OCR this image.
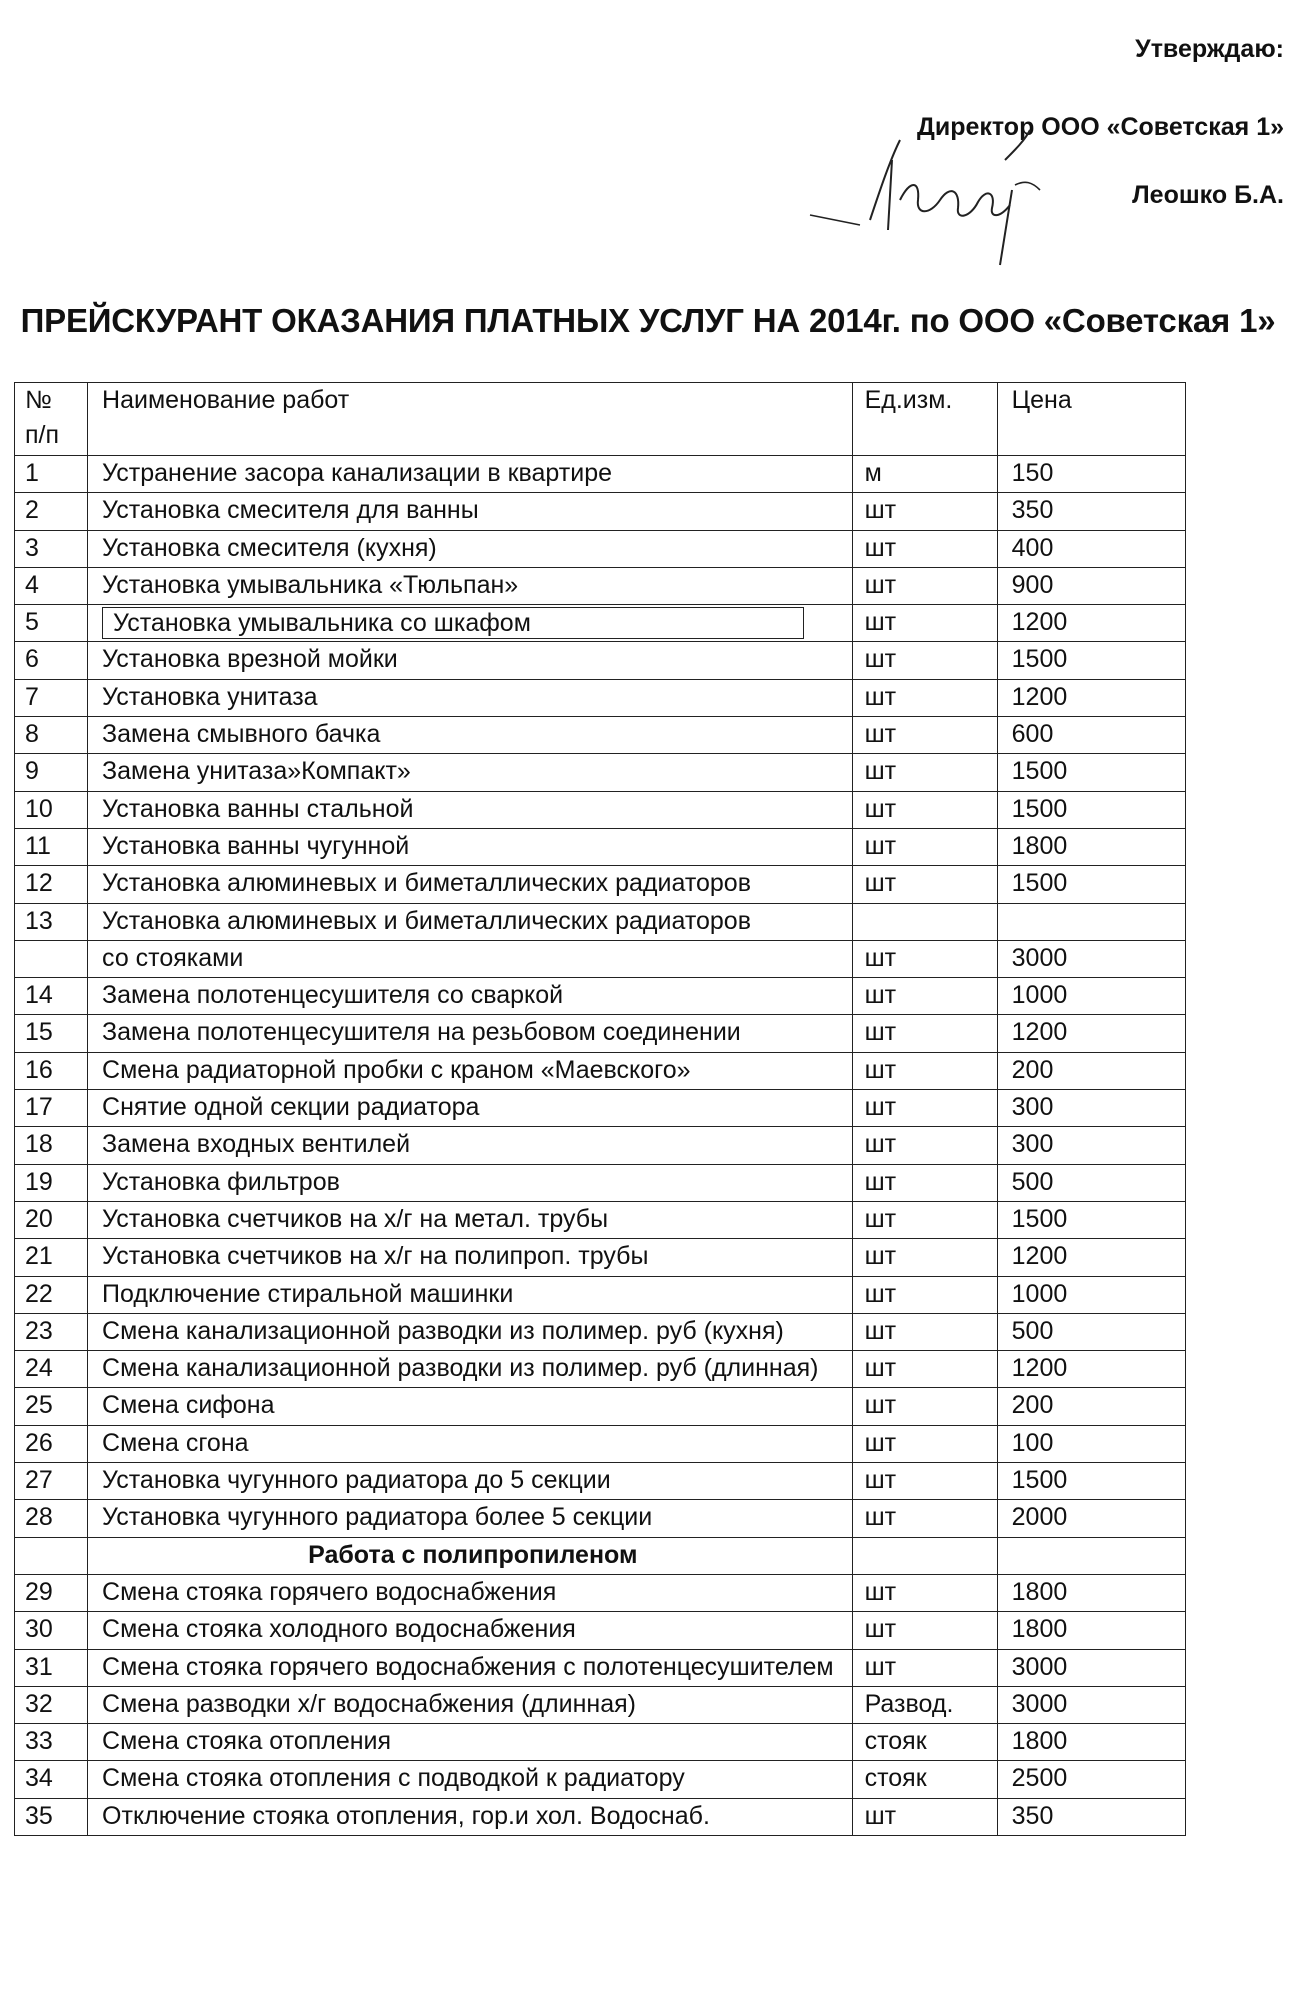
Утверждаю:
Директор ООО «Советская 1»
Леошко Б.А.
ПРЕЙСКУРАНТ ОКАЗАНИЯ ПЛАТНЫХ УСЛУГ НА 2014г. по ООО «Советская 1»
№ п/п	Наименование работ	Ед.изм.	Цена
1	Устранение засора канализации в квартире	м	150
2	Установка смесителя для ванны	шт	350
3	Установка смесителя (кухня)	шт	400
4	Установка умывальника «Тюльпан»	шт	900
5	Установка умывальника со шкафом	шт	1200
6	Установка врезной мойки	шт	1500
7	Установка унитаза	шт	1200
8	Замена смывного бачка	шт	600
9	Замена унитаза»Компакт»	шт	1500
10	Установка ванны стальной	шт	1500
11	Установка ванны чугунной	шт	1800
12	Установка алюминевых и биметаллических радиаторов	шт	1500
13	Установка алюминевых и биметаллических радиаторов		
	со стояками	шт	3000
14	Замена полотенцесушителя со сваркой	шт	1000
15	Замена полотенцесушителя на резьбовом соединении	шт	1200
16	Смена радиаторной пробки с краном «Маевского»	шт	200
17	Снятие одной секции радиатора	шт	300
18	Замена входных вентилей	шт	300
19	Установка фильтров	шт	500
20	Установка счетчиков на х/г на метал. трубы	шт	1500
21	Установка счетчиков на х/г на полипроп. трубы	шт	1200
22	Подключение стиральной машинки	шт	1000
23	Смена канализационной разводки из полимер. руб (кухня)	шт	500
24	Смена канализационной разводки из полимер. руб (длинная)	шт	1200
25	Смена сифона	шт	200
26	Смена сгона	шт	100
27	Установка чугунного радиатора до 5 секции	шт	1500
28	Установка чугунного радиатора более 5 секции	шт	2000
	Работа с полипропиленом		
29	Смена стояка горячего водоснабжения	шт	1800
30	Смена стояка холодного водоснабжения	шт	1800
31	Смена стояка горячего водоснабжения с полотенцесушителем	шт	3000
32	Смена разводки х/г водоснабжения (длинная)	Развод.	3000
33	Смена стояка отопления	стояк	1800
34	Смена стояка отопления с подводкой к радиатору	стояк	2500
35	Отключение стояка отопления, гор.и хол. Водоснаб.	шт	350
